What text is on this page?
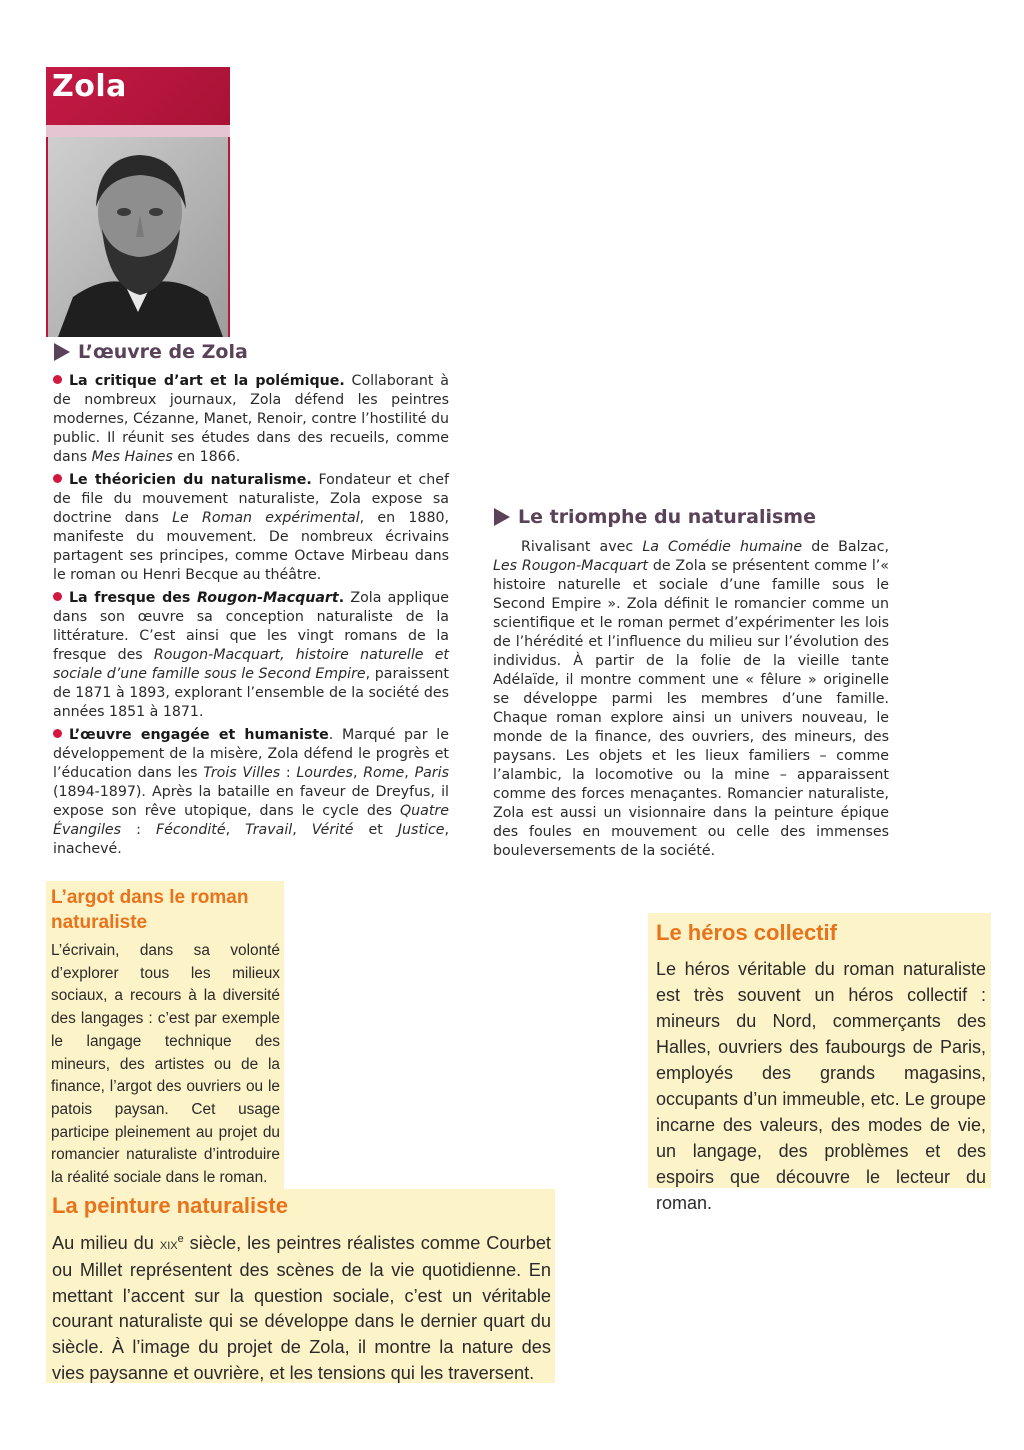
Zola
L’œuvre de Zola

La critique d’art et la polémique. Collaborant à de nombreux journaux, Zola défend les peintres modernes, Cézanne, Manet, Renoir, contre l’hostilité du public. Il réunit ses études dans des recueils, comme dans Mes Haines en 1866.

Le théoricien du naturalisme. Fondateur et chef de file du mouvement naturaliste, Zola expose sa doctrine dans Le Roman expérimental, en 1880, manifeste du mouvement. De nombreux écrivains partagent ses principes, comme Octave Mirbeau dans le roman ou Henri Becque au théâtre.

La fresque des Rougon-Macquart. Zola applique dans son œuvre sa conception naturaliste de la littérature. C’est ainsi que les vingt romans de la fresque des Rougon-Macquart, histoire naturelle et sociale d’une famille sous le Second Empire, paraissent de 1871 à 1893, explorant l’ensemble de la société des années 1851 à 1871.

L’œuvre engagée et humaniste. Marqué par le développement de la misère, Zola défend le progrès et l’éducation dans les Trois Villes : Lourdes, Rome, Paris (1894-1897). Après la bataille en faveur de Dreyfus, il expose son rêve utopique, dans le cycle des Quatre Évangiles : Fécondité, Travail, Vérité et Justice, inachevé.

Le triomphe du naturalisme

Rivalisant avec La Comédie humaine de Balzac, Les Rougon-Macquart de Zola se présentent comme l’« histoire naturelle et sociale d’une famille sous le Second Empire ». Zola définit le romancier comme un scientifique et le roman permet d’expérimenter les lois de l’hérédité et l’influence du milieu sur l’évolution des individus. À partir de la folie de la vieille tante Adélaïde, il montre comment une « fêlure » originelle se développe parmi les membres d’une famille. Chaque roman explore ainsi un univers nouveau, le monde de la finance, des ouvriers, des mineurs, des paysans. Les objets et les lieux familiers – comme l’alambic, la locomotive ou la mine – apparaissent comme des forces menaçantes. Romancier naturaliste, Zola est aussi un visionnaire dans la peinture épique des foules en mouvement ou celle des immenses bouleversements de la société.

L’argot dans le roman naturaliste

L’écrivain, dans sa volonté d’explorer tous les milieux sociaux, a recours à la diversité des langages : c’est par exemple le langage technique des mineurs, des artistes ou de la finance, l’argot des ouvriers ou le patois paysan. Cet usage participe pleinement au projet du romancier naturaliste d’introduire la réalité sociale dans le roman.

Le héros collectif

Le héros véritable du roman naturaliste est très souvent un héros collectif : mineurs du Nord, commerçants des Halles, ouvriers des faubourgs de Paris, employés des grands magasins, occupants d’un immeuble, etc. Le groupe incarne des valeurs, des modes de vie, un langage, des problèmes et des espoirs que découvre le lecteur du roman.

La peinture naturaliste

Au milieu du xix$^e$ siècle, les peintres réalistes comme Courbet ou Millet représentent des scènes de la vie quotidienne. En mettant l’accent sur la question sociale, c’est un véritable courant naturaliste qui se développe dans le dernier quart du siècle. À l’image du projet de Zola, il montre la nature des vies paysanne et ouvrière, et les tensions qui les traversent.
